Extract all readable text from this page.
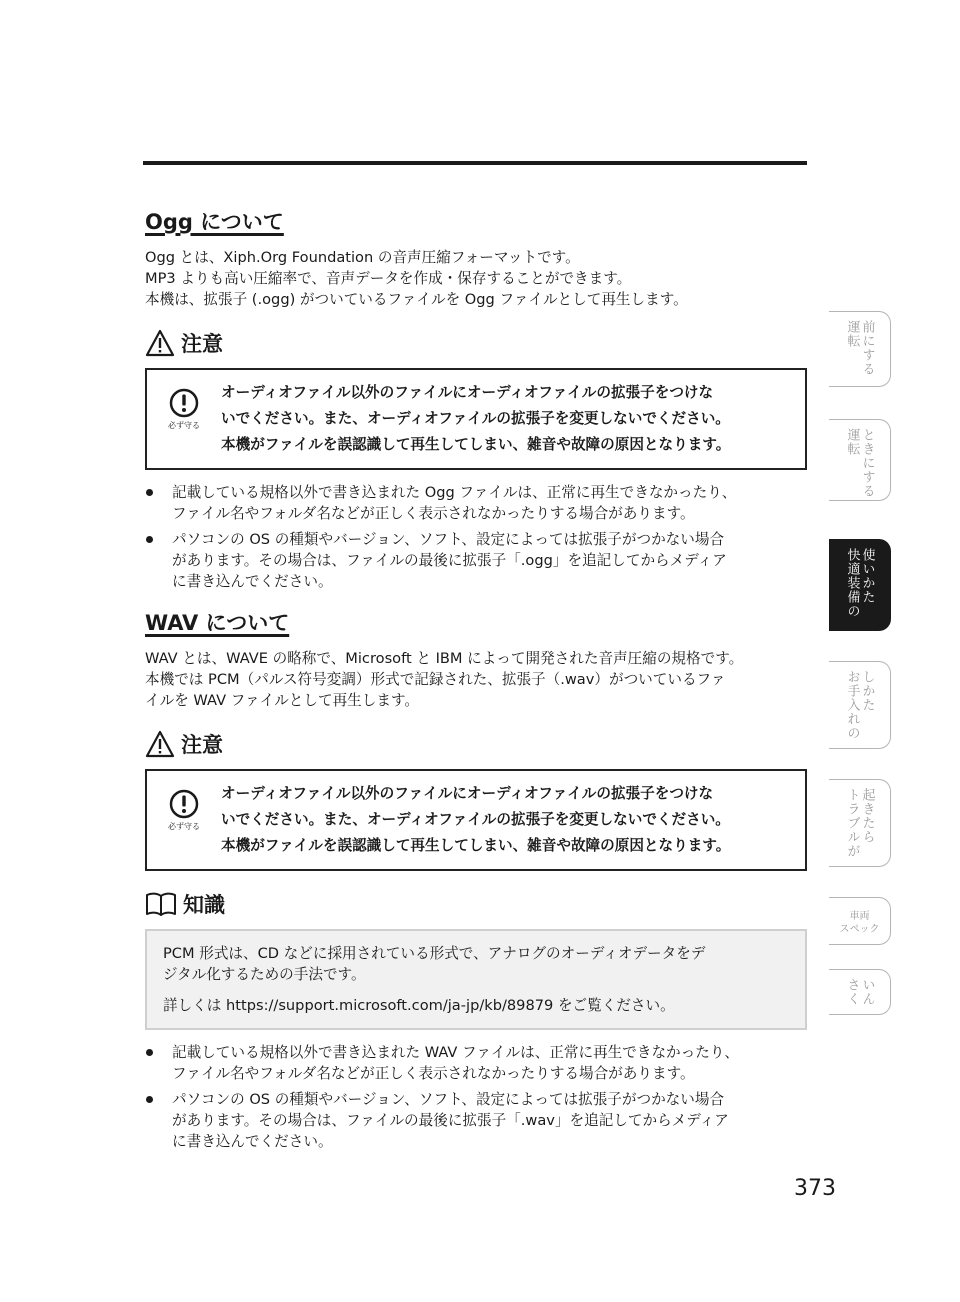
Ogg について

Ogg とは、Xiph.Org Foundation の音声圧縮フォーマットです。

MP3 よりも高い圧縮率で、音声データを作成・保存することができます。

本機は、拡張子 (.ogg) がついているファイルを Ogg ファイルとして再生します。

注意
必ず守る

オーディオファイル以外のファイルにオーディオファイルの拡張子をつけな

いでください。また、オーディオファイルの拡張子を変更しないでください。

本機がファイルを誤認識して再生してしまい、雑音や故障の原因となります。

記載している規格以外で書き込まれた Ogg ファイルは、正常に再生できなかったり、

ファイル名やフォルダ名などが正しく表示されなかったりする場合があります。

パソコンの OS の種類やバージョン、ソフト、設定によっては拡張子がつかない場合

があります。その場合は、ファイルの最後に拡張子「.ogg」を追記してからメディア

に書き込んでください。

WAV について

WAV とは、WAVE の略称で、Microsoft と IBM によって開発された音声圧縮の規格です。

本機では PCM（パルス符号変調）形式で記録された、拡張子（.wav）がついているファ

イルを WAV ファイルとして再生します。

注意
必ず守る

オーディオファイル以外のファイルにオーディオファイルの拡張子をつけな

いでください。また、オーディオファイルの拡張子を変更しないでください。

本機がファイルを誤認識して再生してしまい、雑音や故障の原因となります。

知識

PCM 形式は、CD などに採用されている形式で、アナログのオーディオデータをデ

ジタル化するための手法です。

詳しくは https://support.microsoft.com/ja-jp/kb/89879 をご覧ください。

記載している規格以外で書き込まれた WAV ファイルは、正常に再生できなかったり、

ファイル名やフォルダ名などが正しく表示されなかったりする場合があります。

パソコンの OS の種類やバージョン、ソフト、設定によっては拡張子がつかない場合

があります。その場合は、ファイルの最後に拡張子「.wav」を追記してからメディア

に書き込んでください。

運転 前にする
運転 ときにする
快適装備の 使いかた
お手入れの しかた
トラブルが 起きたら
車両
スペック
さく いん
373
